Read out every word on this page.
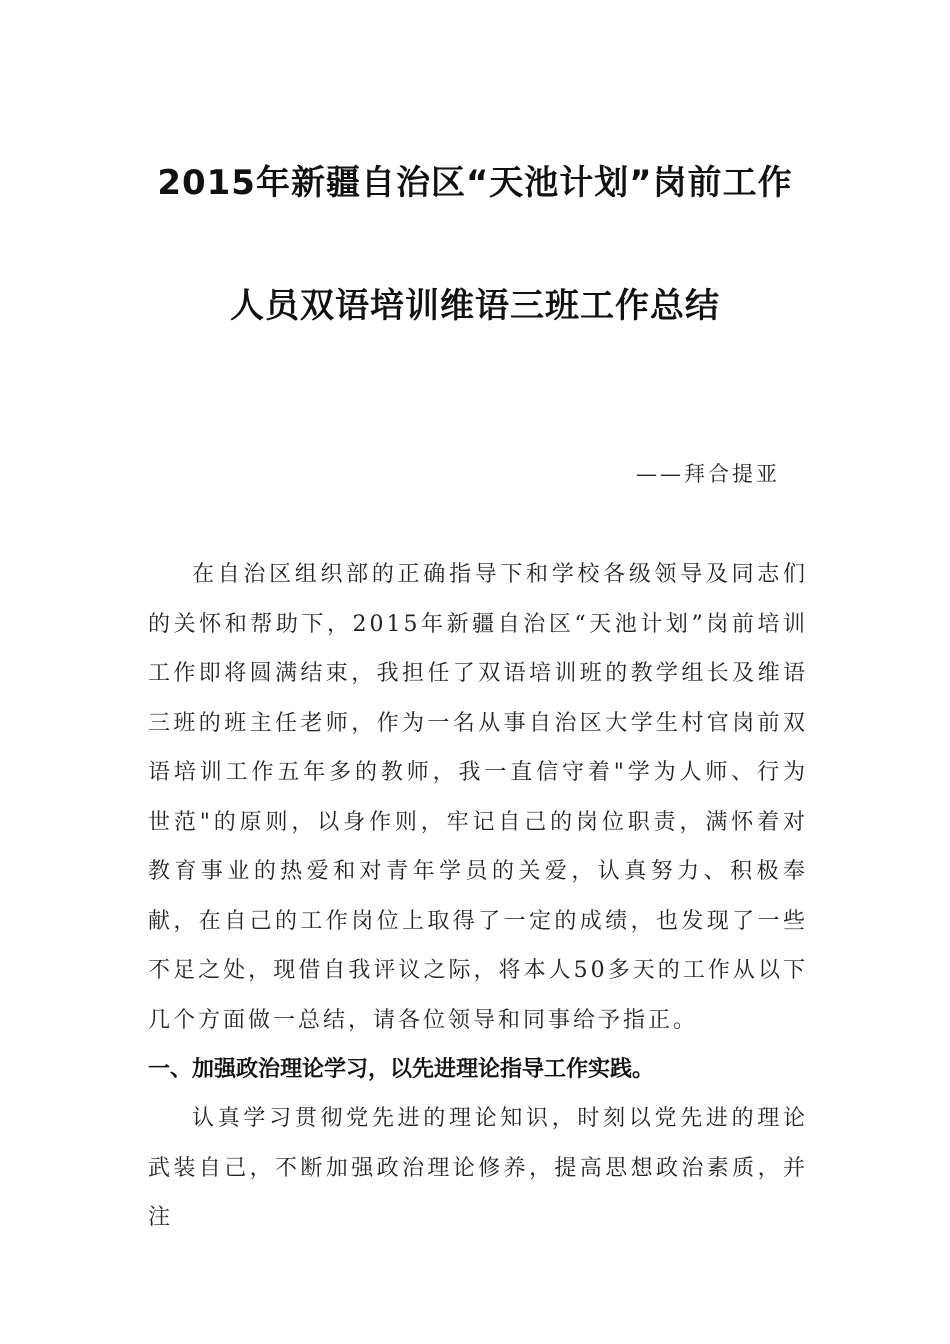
2015年新疆自治区“天池计划”岗前工作
人员双语培训维语三班工作总结
——拜合提亚

在自治区组织部的正确指导下和学校各级领导及同志们的关怀和帮助下，2015年新疆自治区“天池计划”岗前培训工作即将圆满结束，我担任了双语培训班的教学组长及维语三班的班主任老师，作为一名从事自治区大学生村官岗前双语培训工作五年多的教师，我一直信守着"学为人师、行为世范"的原则，以身作则，牢记自己的岗位职责，满怀着对教育事业的热爱和对青年学员的关爱，认真努力、积极奉献，在自己的工作岗位上取得了一定的成绩，也发现了一些不足之处，现借自我评议之际，将本人50多天的工作从以下几个方面做一总结，请各位领导和同事给予指正。

一、加强政治理论学习，以先进理论指导工作实践。

认真学习贯彻党先进的理论知识，时刻以党先进的理论武装自己，不断加强政治理论修养，提高思想政治素质，并注
